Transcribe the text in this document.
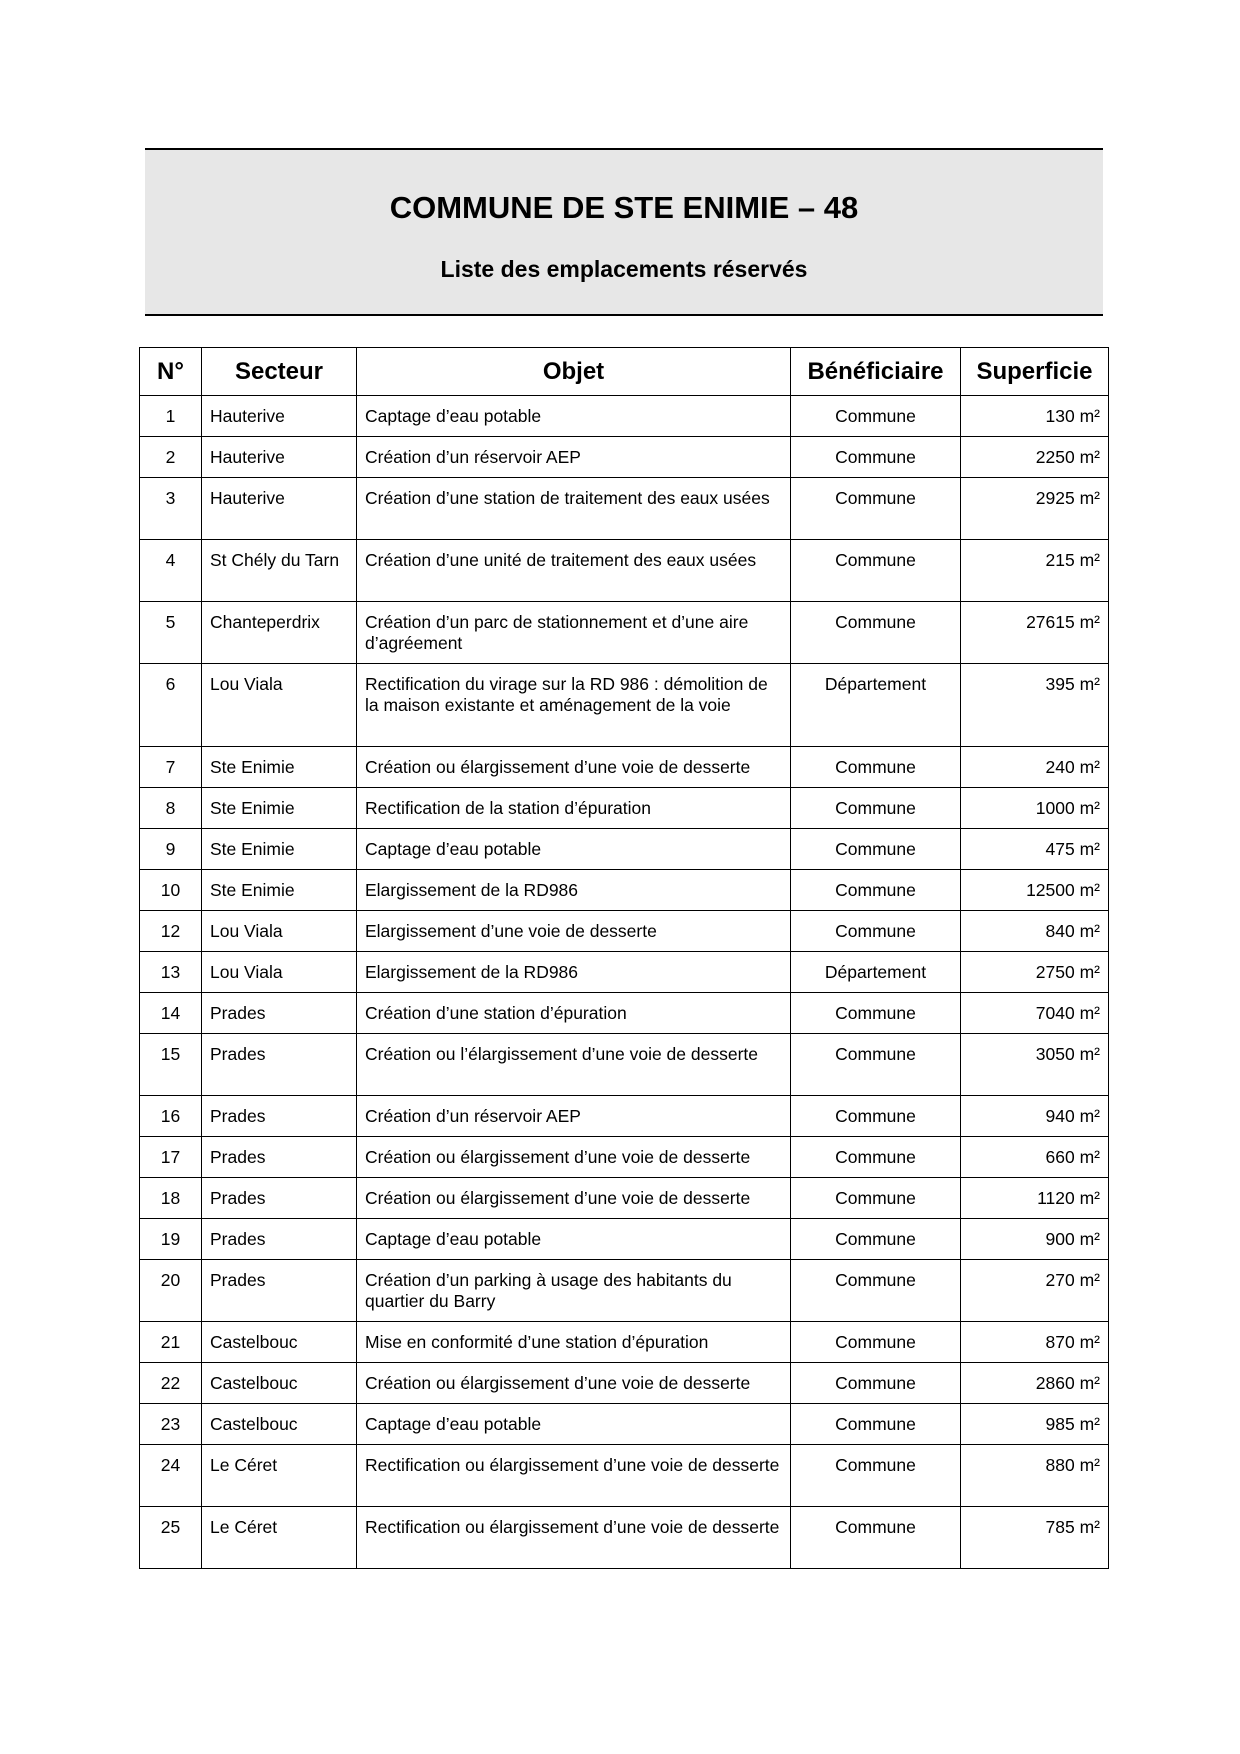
COMMUNE DE STE ENIMIE – 48
Liste des emplacements réservés
N°	Secteur	Objet	Bénéficiaire	Superficie
1	Hauterive	Captage d’eau potable	Commune	130 m²
2	Hauterive	Création d’un réservoir AEP	Commune	2250 m²
3	Hauterive	Création d’une station de traitement des eaux usées	Commune	2925 m²
4	St Chély du Tarn	Création d’une unité de traitement des eaux usées	Commune	215 m²
5	Chanteperdrix	Création d’un parc de stationnement et d’une aire d’agréement	Commune	27615 m²
6	Lou Viala	Rectification du virage sur la RD 986 : démolition de la maison existante et aménagement de la voie	Département	395 m²
7	Ste Enimie	Création ou élargissement d’une voie de desserte	Commune	240 m²
8	Ste Enimie	Rectification de la station d’épuration	Commune	1000 m²
9	Ste Enimie	Captage d’eau potable	Commune	475 m²
10	Ste Enimie	Elargissement de la RD986	Commune	12500 m²
12	Lou Viala	Elargissement d’une voie de desserte	Commune	840 m²
13	Lou Viala	Elargissement de la RD986	Département	2750 m²
14	Prades	Création d’une station d’épuration	Commune	7040 m²
15	Prades	Création ou l’élargissement d’une voie de desserte	Commune	3050 m²
16	Prades	Création d’un réservoir AEP	Commune	940 m²
17	Prades	Création ou élargissement d’une voie de desserte	Commune	660 m²
18	Prades	Création ou élargissement d’une voie de desserte	Commune	1120 m²
19	Prades	Captage d’eau potable	Commune	900 m²
20	Prades	Création d’un parking à usage des habitants du quartier du Barry	Commune	270 m²
21	Castelbouc	Mise en conformité d’une station d’épuration	Commune	870 m²
22	Castelbouc	Création ou élargissement d’une voie de desserte	Commune	2860 m²
23	Castelbouc	Captage d’eau potable	Commune	985 m²
24	Le Céret	Rectification ou élargissement d’une voie de desserte	Commune	880 m²
25	Le Céret	Rectification ou élargissement d’une voie de desserte	Commune	785 m²
